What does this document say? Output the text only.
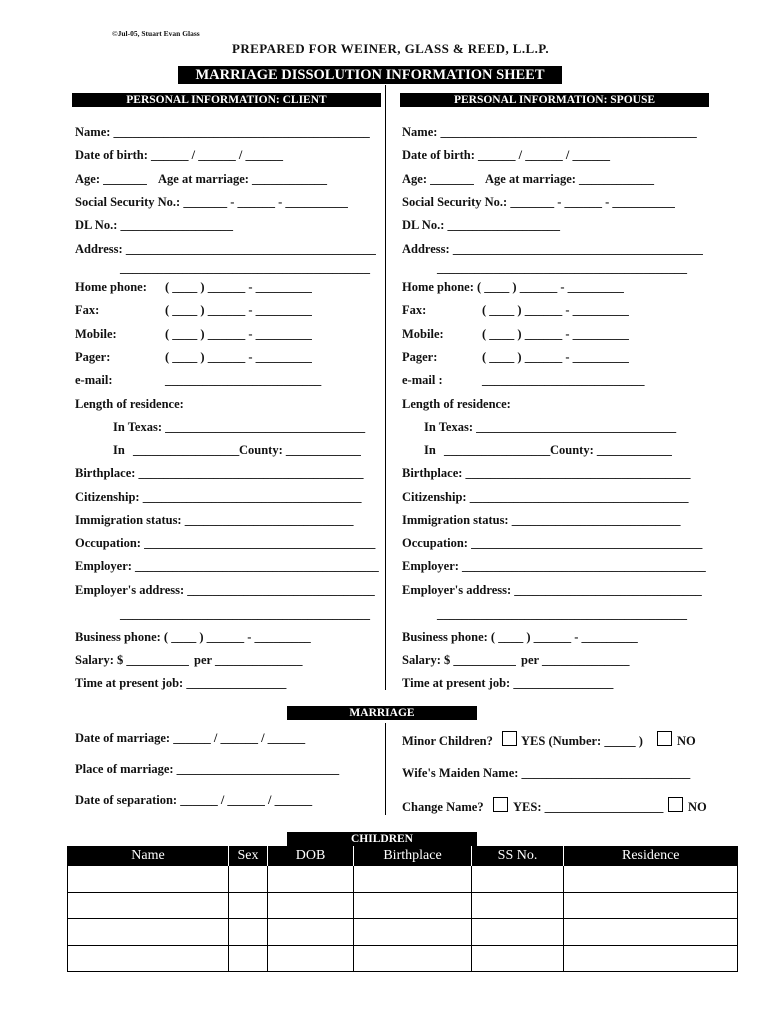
©Jul-05, Stuart Evan Glass
PREPARED FOR WEINER, GLASS & REED, L.L.P.
MARRIAGE DISSOLUTION INFORMATION SHEET
PERSONAL INFORMATION: CLIENT	PERSONAL INFORMATION: SPOUSE
Name: _________________________________________
Date of birth: ______ / ______ / ______
Age: _______ Age at marriage: ____________
Social Security No.: _______ - ______ - __________
DL No.: __________________
Address: ________________________________________
________________________________________
Home phone: ( ____ ) ______ - _________
Fax:	( ____ ) ______ - _________
Mobile:	( ____ ) ______ - _________
Pager:	( ____ ) ______ - _________
e-mail:	_________________________
Length of residence:
In Texas: ________________________________
In _________________ County: ____________
Birthplace: ____________________________________
Citizenship: ___________________________________
Immigration status: ___________________________
Occupation: _____________________________________
Employer: _______________________________________
Employer's address: ______________________________
________________________________________
Business phone: ( ____ ) ______ - _________
Salary: $ __________ per ______________
Time at present job: ________________
Name: _________________________________________
Date of birth: ______ / ______ / ______
Age: _______ Age at marriage: ____________
Social Security No.: _______ - ______ - __________
DL No.: __________________
Address: ________________________________________
________________________________________
Home phone: ( ____ ) ______ - _________
Fax:	( ____ ) ______ - _________
Mobile:	( ____ ) ______ - _________
Pager:	( ____ ) ______ - _________
e-mail :	__________________________
Length of residence:
In Texas: ________________________________
In _________________ County: ____________
Birthplace: ____________________________________
Citizenship: ___________________________________
Immigration status: ___________________________
Occupation: _____________________________________
Employer: _______________________________________
Employer's address: ______________________________
________________________________________
Business phone: ( ____ ) ______ - _________
Salary: $ __________ per ______________
Time at present job: ________________
MARRIAGE
Date of marriage: ______ / ______ / ______
Place of marriage: __________________________
Date of separation: ______ / ______ / ______
Minor Children? YES (Number: _____ )	NO
Wife's Maiden Name: ___________________________
Change Name? YES: ___________________ NO
CHILDREN
Name	Sex	DOB	Birthplace	SS No.	Residence
